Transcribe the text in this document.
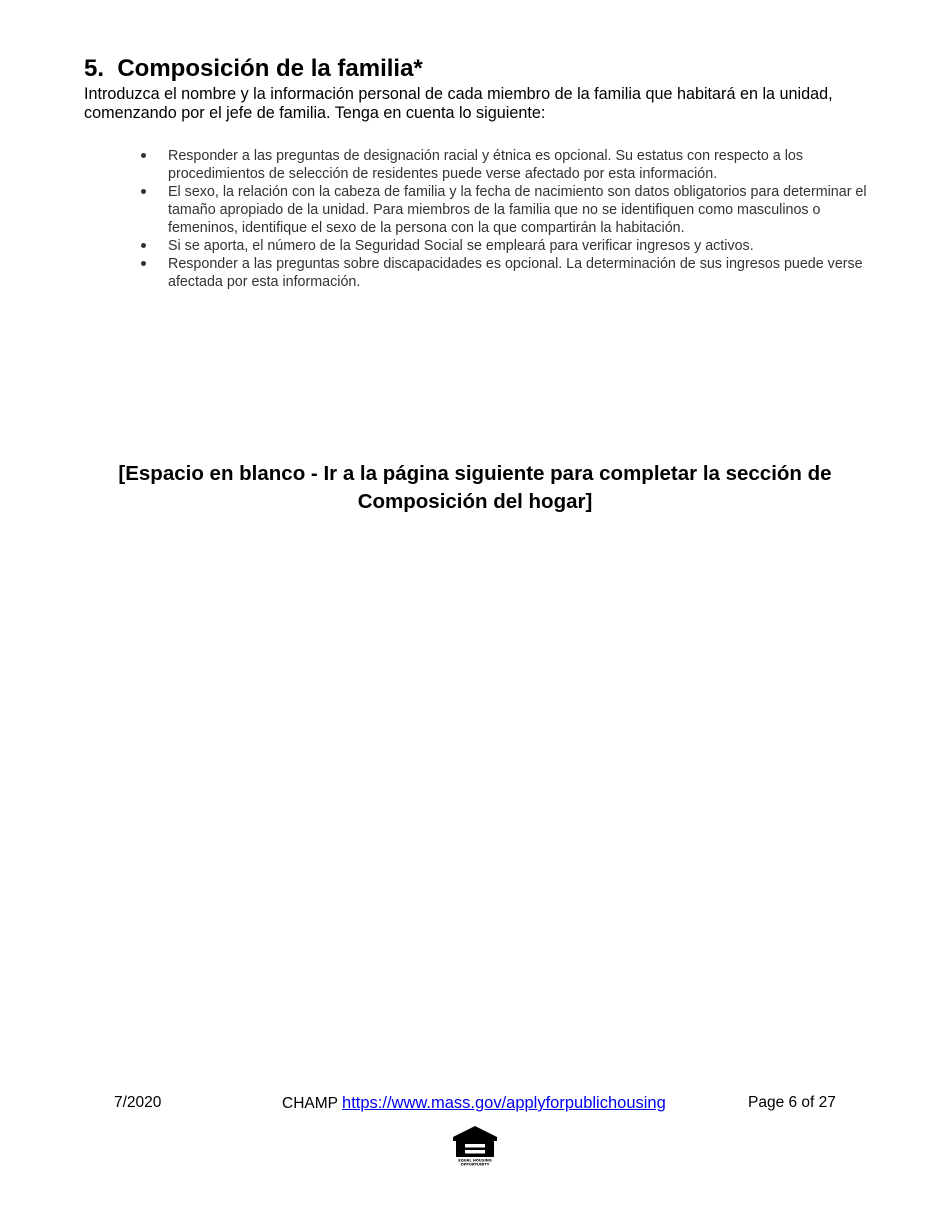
5.  Composición de la familia*

Introduzca el nombre y la información personal de cada miembro de la familia que habitará en la unidad, comenzando por el jefe de familia. Tenga en cuenta lo siguiente:

Responder a las preguntas de designación racial y étnica es opcional. Su estatus con respecto a los procedimientos de selección de residentes puede verse afectado por esta información.
El sexo, la relación con la cabeza de familia y la fecha de nacimiento son datos obligatorios para determinar el tamaño apropiado de la unidad. Para miembros de la familia que no se identifiquen como masculinos o femeninos, identifique el sexo de la persona con la que compartirán la habitación.
Si se aporta, el número de la Seguridad Social se empleará para verificar ingresos y activos.
Responder a las preguntas sobre discapacidades es opcional. La determinación de sus ingresos puede verse afectada por esta información.

[Espacio en blanco - Ir a la página siguiente para completar la sección de Composición del hogar]

7/2020	CHAMP https://www.mass.gov/applyforpublichousing	Page 6 of 27
EQUAL HOUSING
OPPORTUNITY
